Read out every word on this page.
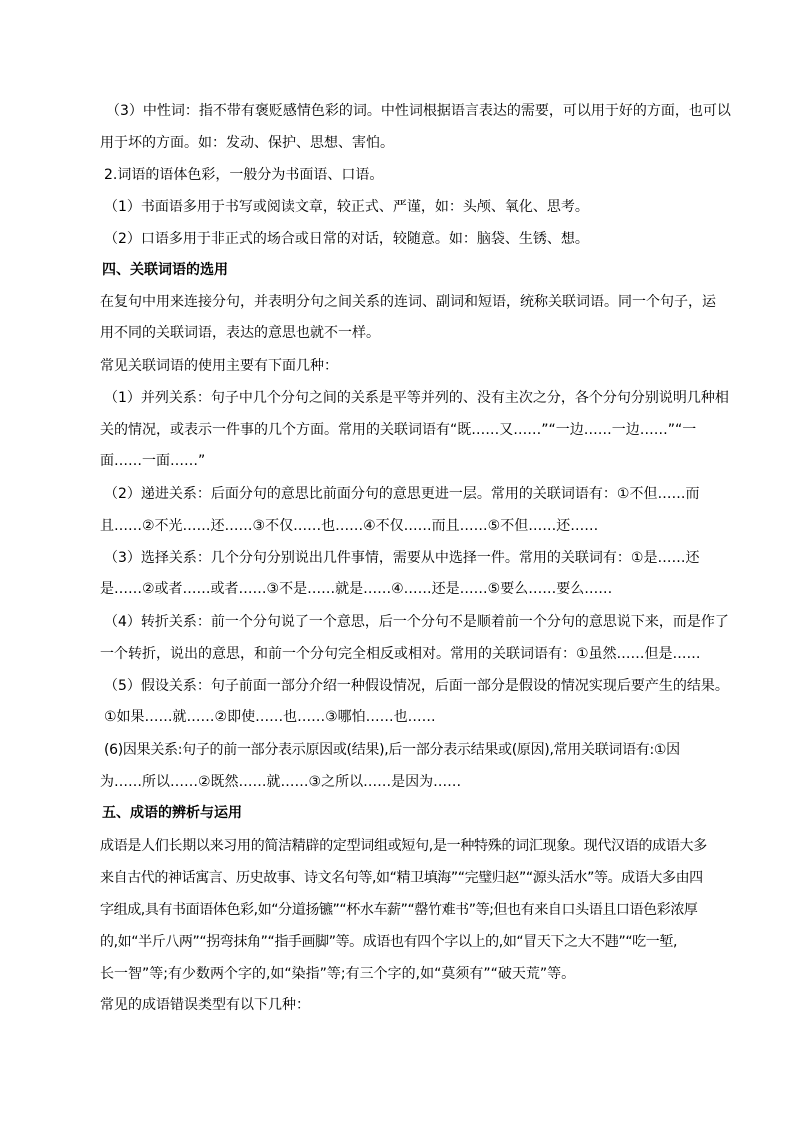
（3）中性词：指不带有褒贬感情色彩的词。中性词根据语言表达的需要，可以用于好的方面，也可以

用于坏的方面。如：发动、保护、思想、害怕。

2.词语的语体色彩，一般分为书面语、口语。

（1）书面语多用于书写或阅读文章，较正式、严谨，如：头颅、氧化、思考。

（2）口语多用于非正式的场合或日常的对话，较随意。如：脑袋、生锈、想。

四、关联词语的选用

在复句中用来连接分句，并表明分句之间关系的连词、副词和短语，统称关联词语。同一个句子，运

用不同的关联词语，表达的意思也就不一样。

常见关联词语的使用主要有下面几种：

（1）并列关系：句子中几个分句之间的关系是平等并列的、没有主次之分，各个分句分别说明几种相

关的情况，或表示一件事的几个方面。常用的关联词语有“既……又……”“一边……一边……”“一

面……一面……”

（2）递进关系：后面分句的意思比前面分句的意思更进一层。常用的关联词语有：①不但……而

且……②不光……还……③不仅……也……④不仅……而且……⑤不但……还……

（3）选择关系：几个分句分别说出几件事情，需要从中选择一件。常用的关联词有：①是……还

是……②或者……或者……③不是……就是……④……还是……⑤要么……要么……

（4）转折关系：前一个分句说了一个意思，后一个分句不是顺着前一个分句的意思说下来，而是作了

一个转折，说出的意思，和前一个分句完全相反或相对。常用的关联词语有：①虽然……但是……

（5）假设关系：句子前面一部分介绍一种假设情况，后面一部分是假设的情况实现后要产生的结果。

①如果……就……②即使……也……③哪怕……也……

(6)因果关系:句子的前一部分表示原因或(结果),后一部分表示结果或(原因),常用关联词语有:①因

为……所以……②既然……就……③之所以……是因为……

五、成语的辨析与运用

成语是人们长期以来习用的简洁精辟的定型词组或短句,是一种特殊的词汇现象。现代汉语的成语大多

来自古代的神话寓言、历史故事、诗文名句等,如“精卫填海”“完璧归赵”“源头活水”等。成语大多由四

字组成,具有书面语体色彩,如“分道扬镳”“杯水车薪”“罄竹难书”等;但也有来自口头语且口语色彩浓厚

的,如“半斤八两”“拐弯抹角”“指手画脚”等。成语也有四个字以上的,如“冒天下之大不韪”“吃一堑,

长一智”等;有少数两个字的,如“染指”等;有三个字的,如“莫须有”“破天荒”等。

常见的成语错误类型有以下几种：
